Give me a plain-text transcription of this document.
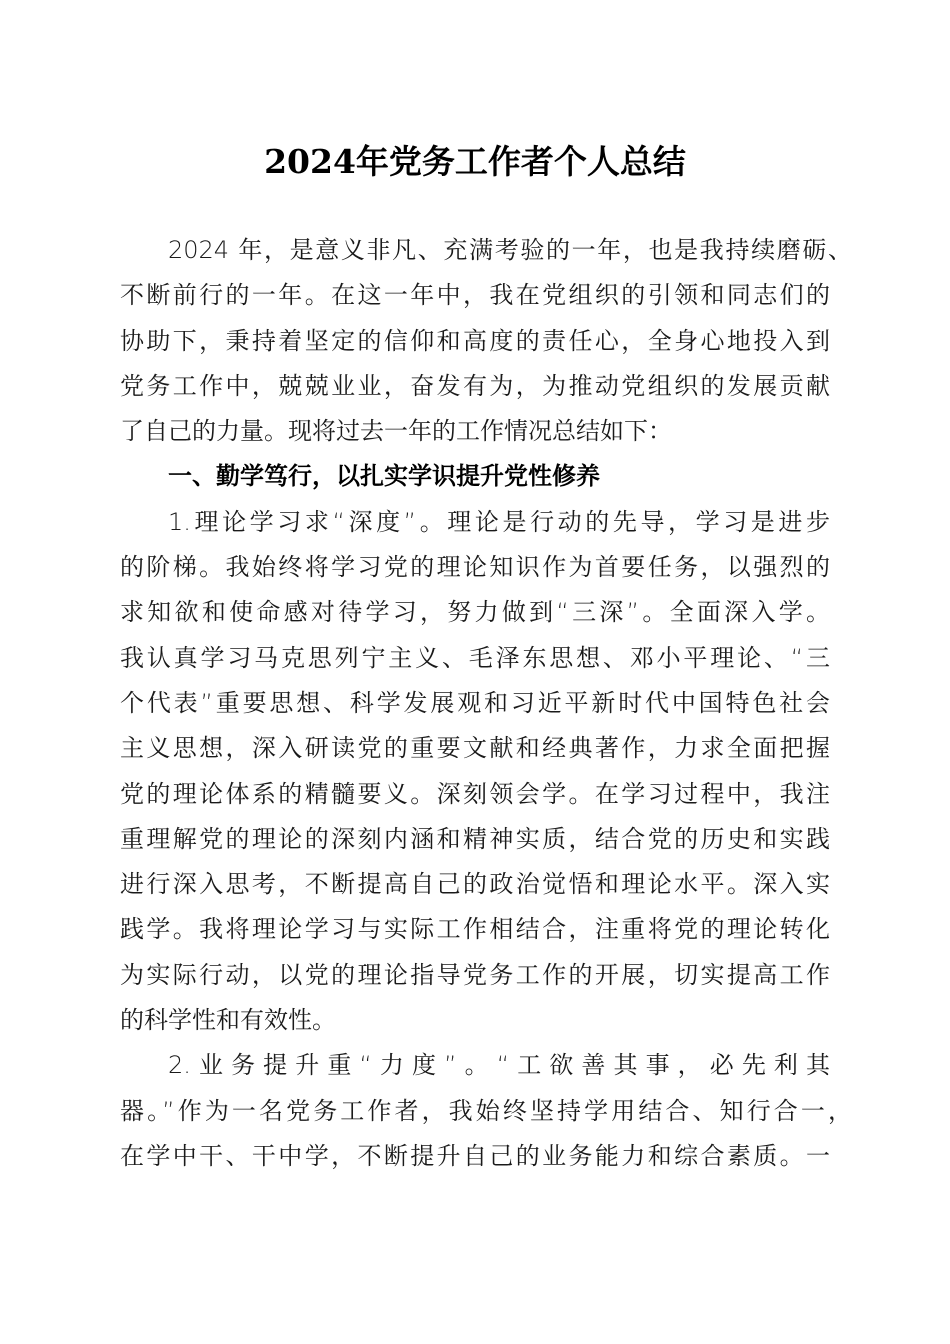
2024年党务工作者个人总结
2024 年，是意义非凡、充满考验的一年，也是我持续磨砺、
不断前行的一年。在这一年中，我在党组织的引领和同志们的
协助下，秉持着坚定的信仰和高度的责任心，全身心地投入到
党务工作中，兢兢业业，奋发有为，为推动党组织的发展贡献
了自己的力量。现将过去一年的工作情况总结如下：
一、勤学笃行，以扎实学识提升党性修养
1.理论学习求“深度”。理论是行动的先导，学习是进步
的阶梯。我始终将学习党的理论知识作为首要任务，以强烈的
求知欲和使命感对待学习，努力做到“三深”。全面深入学。
我认真学习马克思列宁主义、毛泽东思想、邓小平理论、“三
个代表”重要思想、科学发展观和习近平新时代中国特色社会
主义思想，深入研读党的重要文献和经典著作，力求全面把握
党的理论体系的精髓要义。深刻领会学。在学习过程中，我注
重理解党的理论的深刻内涵和精神实质，结合党的历史和实践
进行深入思考，不断提高自己的政治觉悟和理论水平。深入实
践学。我将理论学习与实际工作相结合，注重将党的理论转化
为实际行动，以党的理论指导党务工作的开展，切实提高工作
的科学性和有效性。
2.业务提升重“力度”。“工欲善其事，必先利其
器。”作为一名党务工作者，我始终坚持学用结合、知行合一，
在学中干、干中学，不断提升自己的业务能力和综合素质。一
